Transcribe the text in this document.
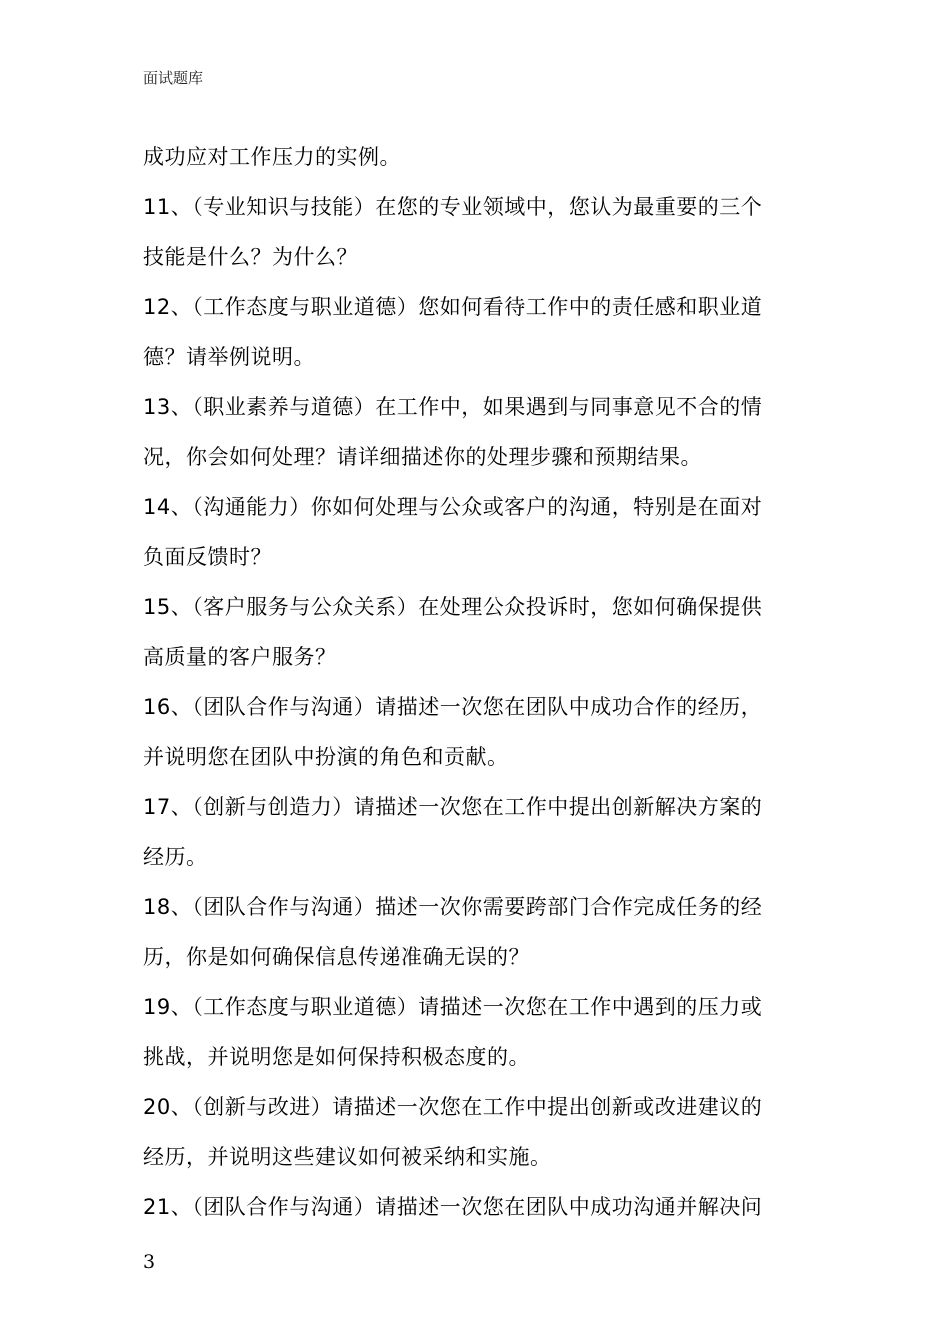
面试题库
成功应对工作压力的实例。
11、（专业知识与技能）在您的专业领域中，您认为最重要的三个
技能是什么？为什么？
12、（工作态度与职业道德）您如何看待工作中的责任感和职业道
德？请举例说明。
13、（职业素养与道德）在工作中，如果遇到与同事意见不合的情
况，你会如何处理？请详细描述你的处理步骤和预期结果。
14、（沟通能力）你如何处理与公众或客户的沟通，特别是在面对
负面反馈时？
15、（客户服务与公众关系）在处理公众投诉时，您如何确保提供
高质量的客户服务？
16、（团队合作与沟通）请描述一次您在团队中成功合作的经历，
并说明您在团队中扮演的角色和贡献。
17、（创新与创造力）请描述一次您在工作中提出创新解决方案的
经历。
18、（团队合作与沟通）描述一次你需要跨部门合作完成任务的经
历，你是如何确保信息传递准确无误的？
19、（工作态度与职业道德）请描述一次您在工作中遇到的压力或
挑战，并说明您是如何保持积极态度的。
20、（创新与改进）请描述一次您在工作中提出创新或改进建议的
经历，并说明这些建议如何被采纳和实施。
21、（团队合作与沟通）请描述一次您在团队中成功沟通并解决问
3
